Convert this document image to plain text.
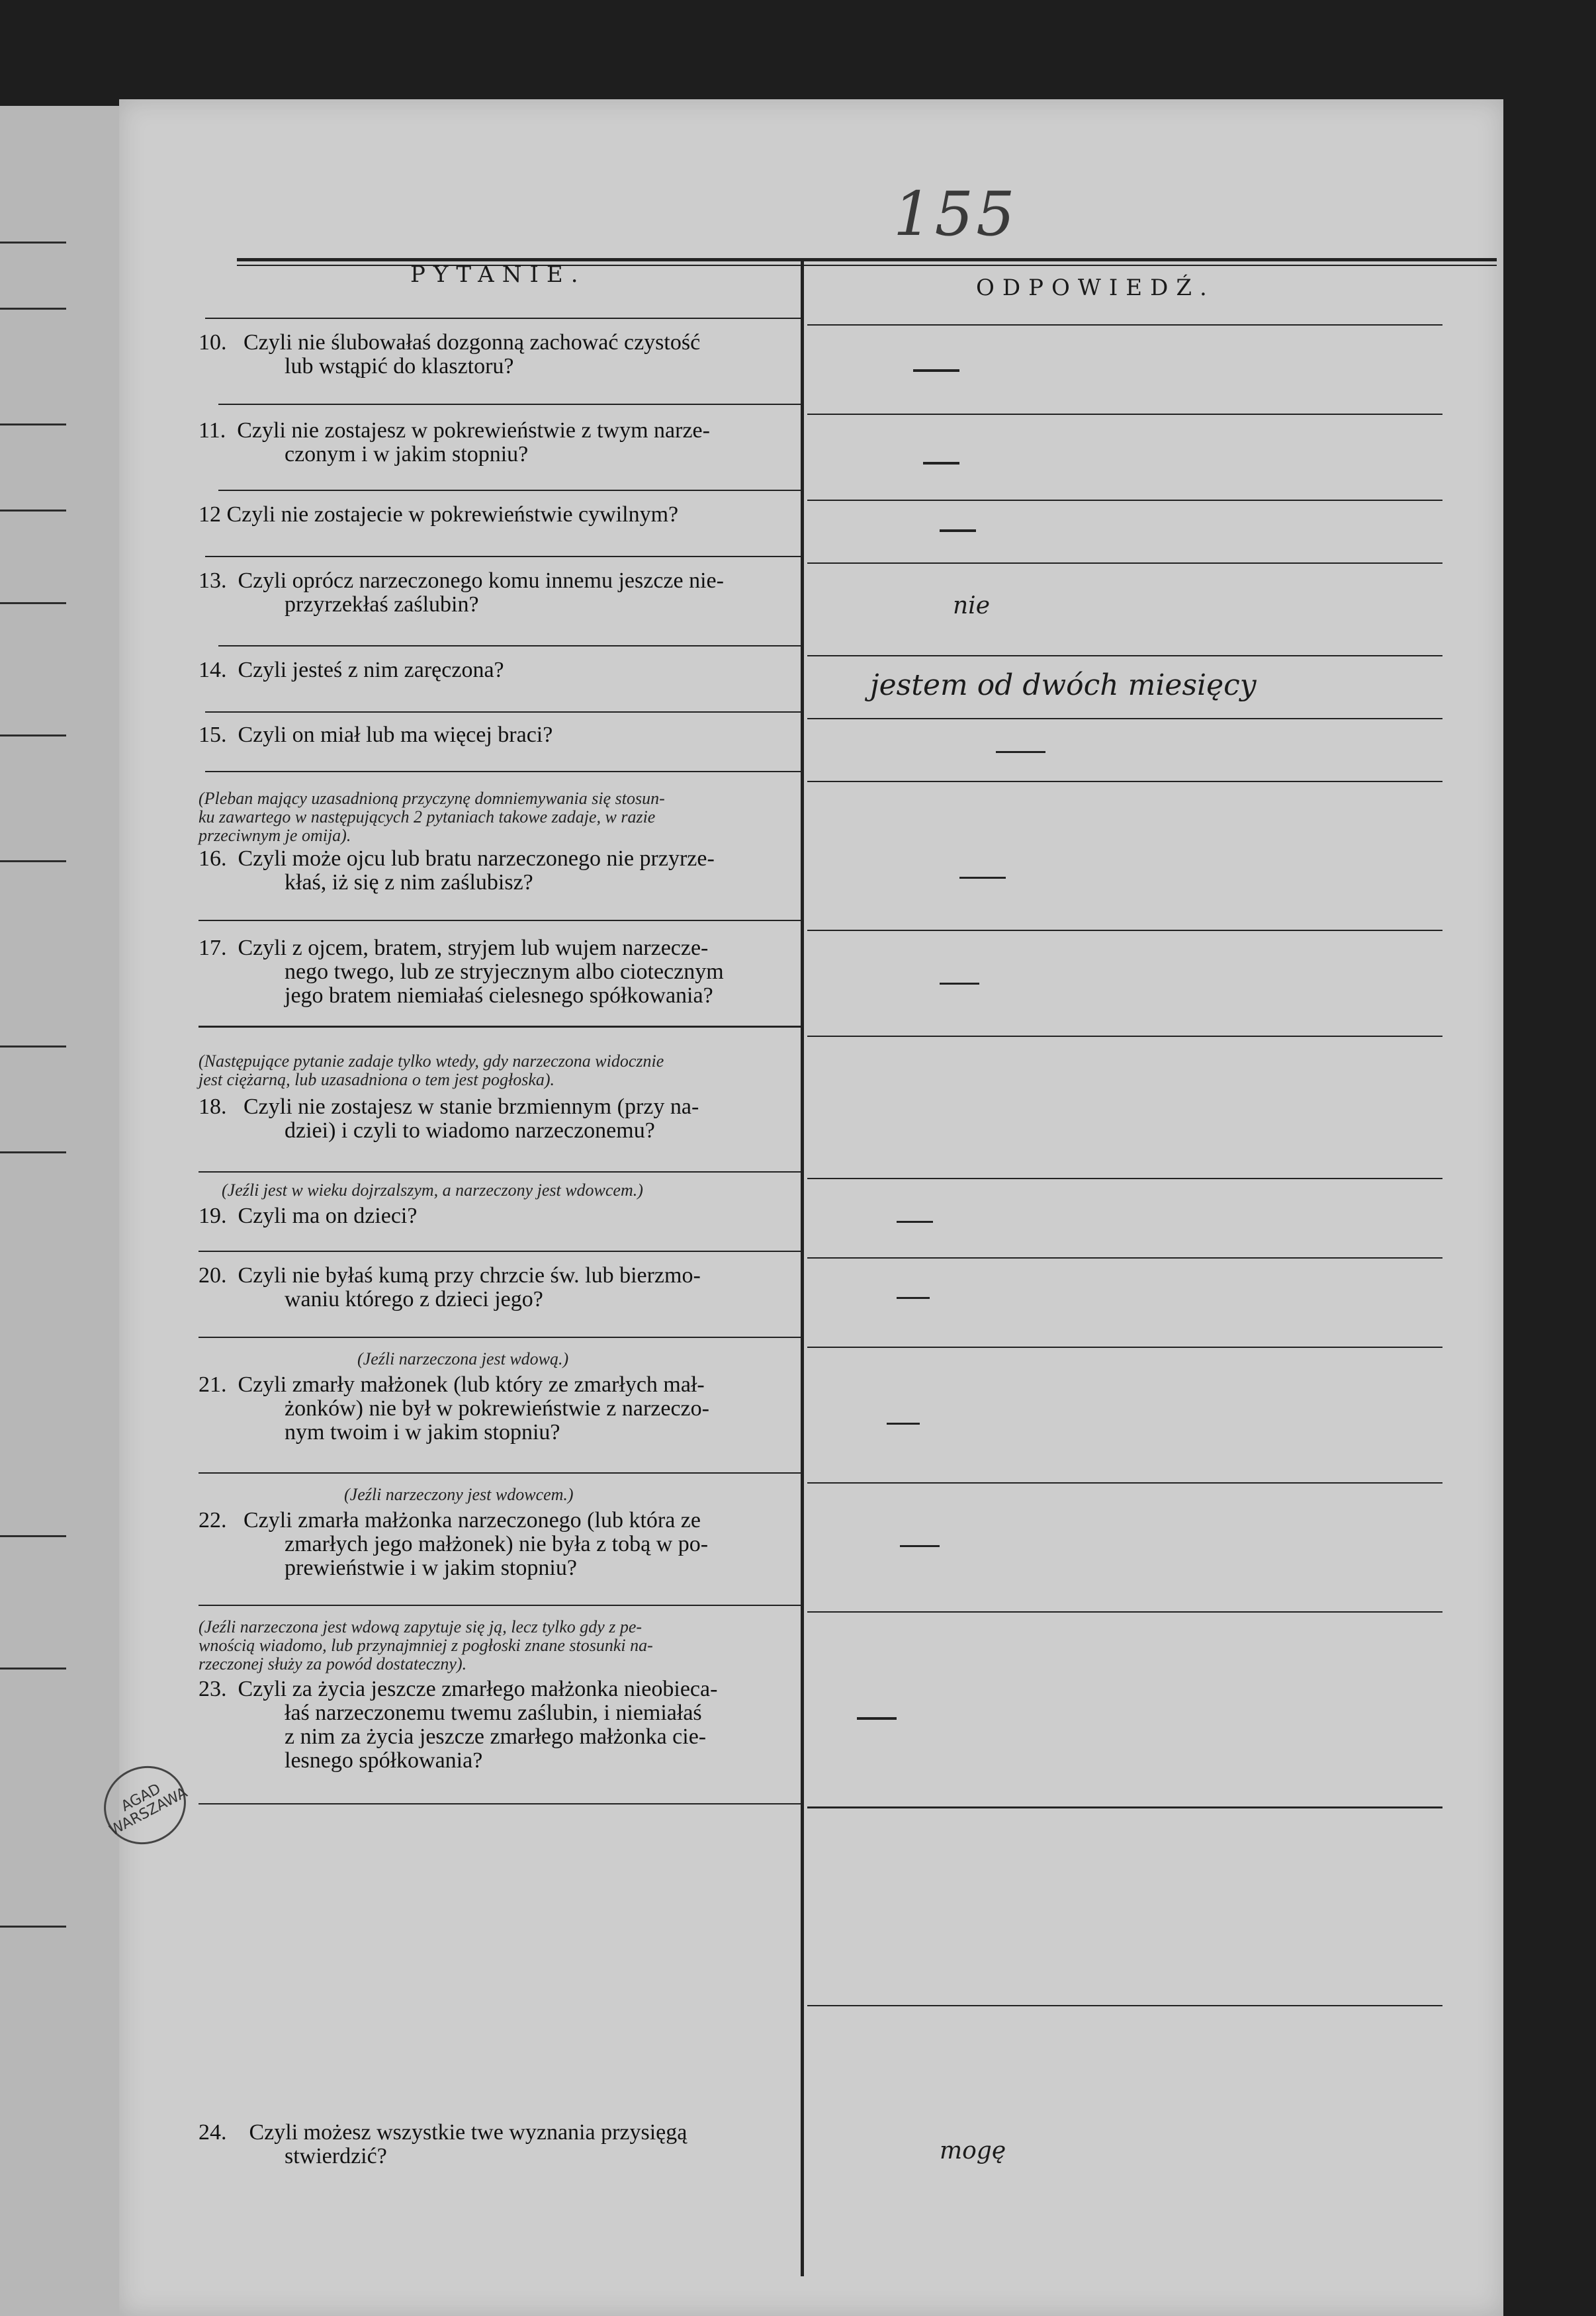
155
PYTANIE.	ODPOWIEDŹ.
10. Czyli nie ślubowałaś dozgonną zachować czystość
lub wstąpić do klasztoru?
11. Czyli nie zostajesz w pokrewieństwie z twym narze-
czonym i w jakim stopniu?
12 Czyli nie zostajecie w pokrewieństwie cywilnym?
13. Czyli oprócz narzeczonego komu innemu jeszcze nie-
przyrzekłaś zaślubin?
14. Czyli jesteś z nim zaręczona?
15. Czyli on miał lub ma więcej braci?
(Pleban mający uzasadnioną przyczynę domniemywania się stosun-
ku zawartego w następujących 2 pytaniach takowe zadaje, w razie
przeciwnym je omija).
16. Czyli może ojcu lub bratu narzeczonego nie przyrze-
kłaś, iż się z nim zaślubisz?
17. Czyli z ojcem, bratem, stryjem lub wujem narzecze-
nego twego, lub ze stryjecznym albo ciotecznym
jego bratem niemiałaś cielesnego spółkowania?
(Następujące pytanie zadaje tylko wtedy, gdy narzeczona widocznie
jest ciężarną, lub uzasadniona o tem jest pogłoska).
18. Czyli nie zostajesz w stanie brzmiennym (przy na-
dziei) i czyli to wiadomo narzeczonemu?
(Jeźli jest w wieku dojrzalszym, a narzeczony jest wdowcem.)
19. Czyli ma on dzieci?
20. Czyli nie byłaś kumą przy chrzcie św. lub bierzmo-
waniu którego z dzieci jego?
(Jeźli narzeczona jest wdową.)
21. Czyli zmarły małżonek (lub który ze zmarłych mał-
żonków) nie był w pokrewieństwie z narzeczo-
nym twoim i w jakim stopniu?
(Jeźli narzeczony jest wdowcem.)
22. Czyli zmarła małżonka narzeczonego (lub która ze
zmarłych jego małżonek) nie była z tobą w po-
prewieństwie i w jakim stopniu?
(Jeźli narzeczona jest wdową zapytuje się ją, lecz tylko gdy z pe-
wnością wiadomo, lub przynajmniej z pogłoski znane stosunki na-
rzeczonej służy za powód dostateczny).
23. Czyli za życia jeszcze zmarłego małżonka nieobieca-
łaś narzeczonemu twemu zaślubin, i niemiałaś
z nim za życia jeszcze zmarłego małżonka cie-
lesnego spółkowania?
24. Czyli możesz wszystkie twe wyznania przysięgą
stwierdzić?
nie
jestem od dwóch miesięcy
mogę
AGAD WARSZAWA
